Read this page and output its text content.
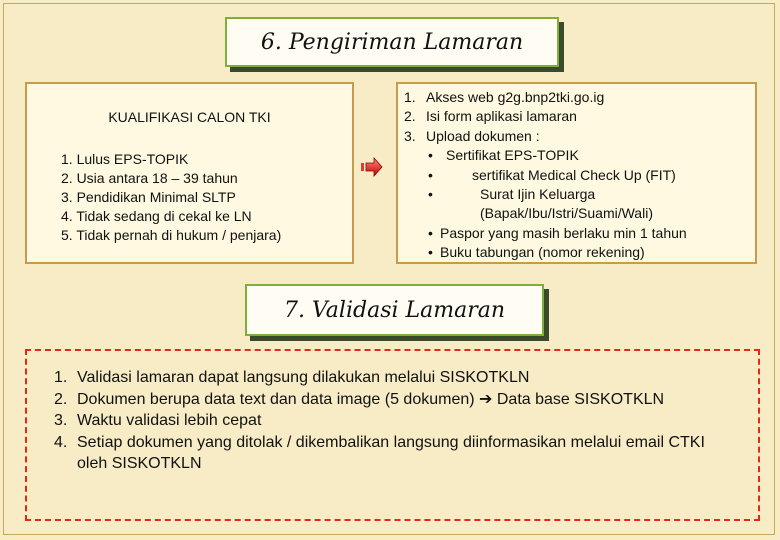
6. Pengiriman Lamaran
KUALIFIKASI CALON TKI
1. Lulus EPS-TOPIK
2. Usia antara 18 – 39 tahun
3. Pendidikan Minimal SLTP
4. Tidak sedang di cekal ke LN
5. Tidak pernah di hukum / penjara)
1. Akses web g2g.bnp2tki.go.ig
2. Isi form aplikasi lamaran
3. Upload dokumen :
• Sertifikat EPS-TOPIK
•	sertifikat Medical Check Up (FIT)
•	Surat Ijin Keluarga
(Bapak/Ibu/Istri/Suami/Wali)
• Paspor yang masih berlaku min 1 tahun
• Buku tabungan (nomor rekening)
7. Validasi Lamaran
1. Validasi lamaran dapat langsung dilakukan melalui SISKOTKLN
2. Dokumen berupa data text dan data image (5 dokumen) ➔ Data base SISKOTKLN
3. Waktu validasi lebih cepat
4. Setiap dokumen yang ditolak / dikembalikan langsung diinformasikan melalui email CTKI oleh SISKOTKLN
